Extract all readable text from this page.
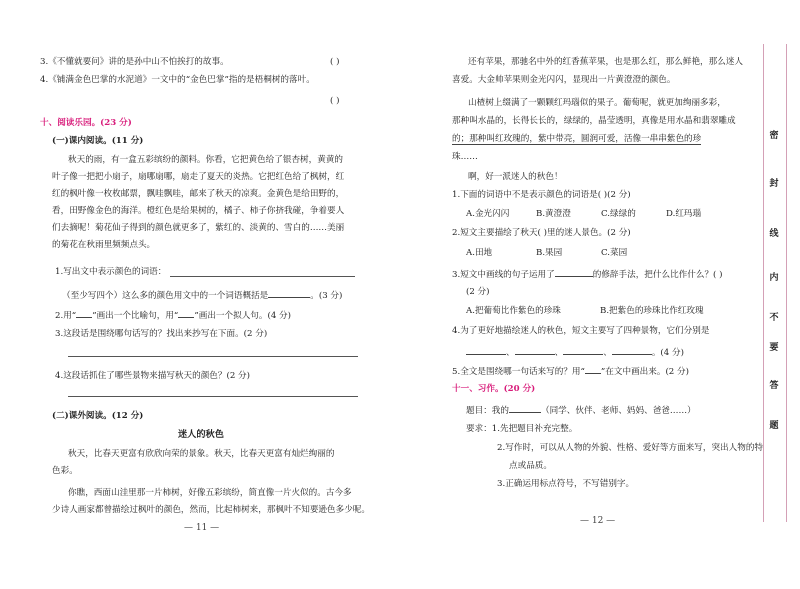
3.《不懂就要问》讲的是孙中山不怕挨打的故事。	( )
4.《铺满金色巴掌的水泥道》一文中的“金色巴掌”指的是梧桐树的落叶。
( )
十、阅读乐园。(23 分)
(一)课内阅读。(11 分)
秋天的雨，有一盒五彩缤纷的颜料。你看，它把黄色给了银杏树，黄黄的
叶子像一把把小扇子，扇哪扇哪，扇走了夏天的炎热。它把红色给了枫树，红
红的枫叶像一枚枚邮票，飘哇飘哇，邮来了秋天的凉爽。金黄色是给田野的，
看，田野像金色的海洋。橙红色是给果树的，橘子、柿子你挤我碰，争着要人
们去摘呢！菊花仙子得到的颜色就更多了，紫红的、淡黄的、雪白的……美丽
的菊花在秋雨里频频点头。
1.写出文中表示颜色的词语：
（至少写四个）这么多的颜色用文中的一个词语概括是	。(3 分)
2.用“ ”画出一个比喻句，用“ ”画出一个拟人句。(4 分)
3.这段话是围绕哪句话写的？找出来抄写在下面。(2 分)
4.这段话抓住了哪些景物来描写秋天的颜色？(2 分)
(二)课外阅读。(12 分)
迷人的秋色
秋天，比春天更富有欣欣向荣的景象。秋天，比春天更富有灿烂绚丽的
色彩。
你瞧，西面山洼里那一片柿树，好像五彩缤纷，简直像一片火似的。古今多
少诗人画家都曾描绘过枫叶的颜色，然而，比起柿树来，那枫叶不知要逊色多少呢。
— 11 —
还有苹果，那驰名中外的红香蕉苹果，也是那么红，那么鲜艳，那么迷人
喜爱。大金帅苹果则金光闪闪，显现出一片黄澄澄的颜色。
山楂树上缀满了一颗颗红玛瑙似的果子。葡萄呢，就更加绚丽多彩，
那种叫水晶的，长得长长的，绿绿的，晶莹透明，真像是用水晶和翡翠雕成
的；那种叫红玫瑰的，紫中带亮，圆润可爱，活像一串串紫色的珍
珠……
啊，好一派迷人的秋色！
1.下面的词语中不是表示颜色的词语是( )(2 分)
A.金光闪闪	B.黄澄澄	C.绿绿的	D.红玛瑙
2.短文主要描绘了秋天( )里的迷人景色。(2 分)
A.田地	B.果园	C.菜园
3.短文中画线的句子运用了	的修辞手法，把什么比作什么？( )
(2 分)
A.把葡萄比作紫色的珍珠	B.把紫色的珍珠比作红玫瑰
4.为了更好地描绘迷人的秋色，短文主要写了四种景物，它们分别是
、	、	、	。(4 分)
5.全文是围绕哪一句话来写的？用“ ”在文中画出来。(2 分)
十一、习作。(20 分)
题目：我的	（同学、伙伴、老师、妈妈、爸爸……）
要求：1.先把题目补充完整。
2.写作时，可以从人物的外貌、性格、爱好等方面来写，突出人物的特
点或品质。
3.正确运用标点符号，不写错别字。
— 12 —
密
封
线
内
不
要
答
题
